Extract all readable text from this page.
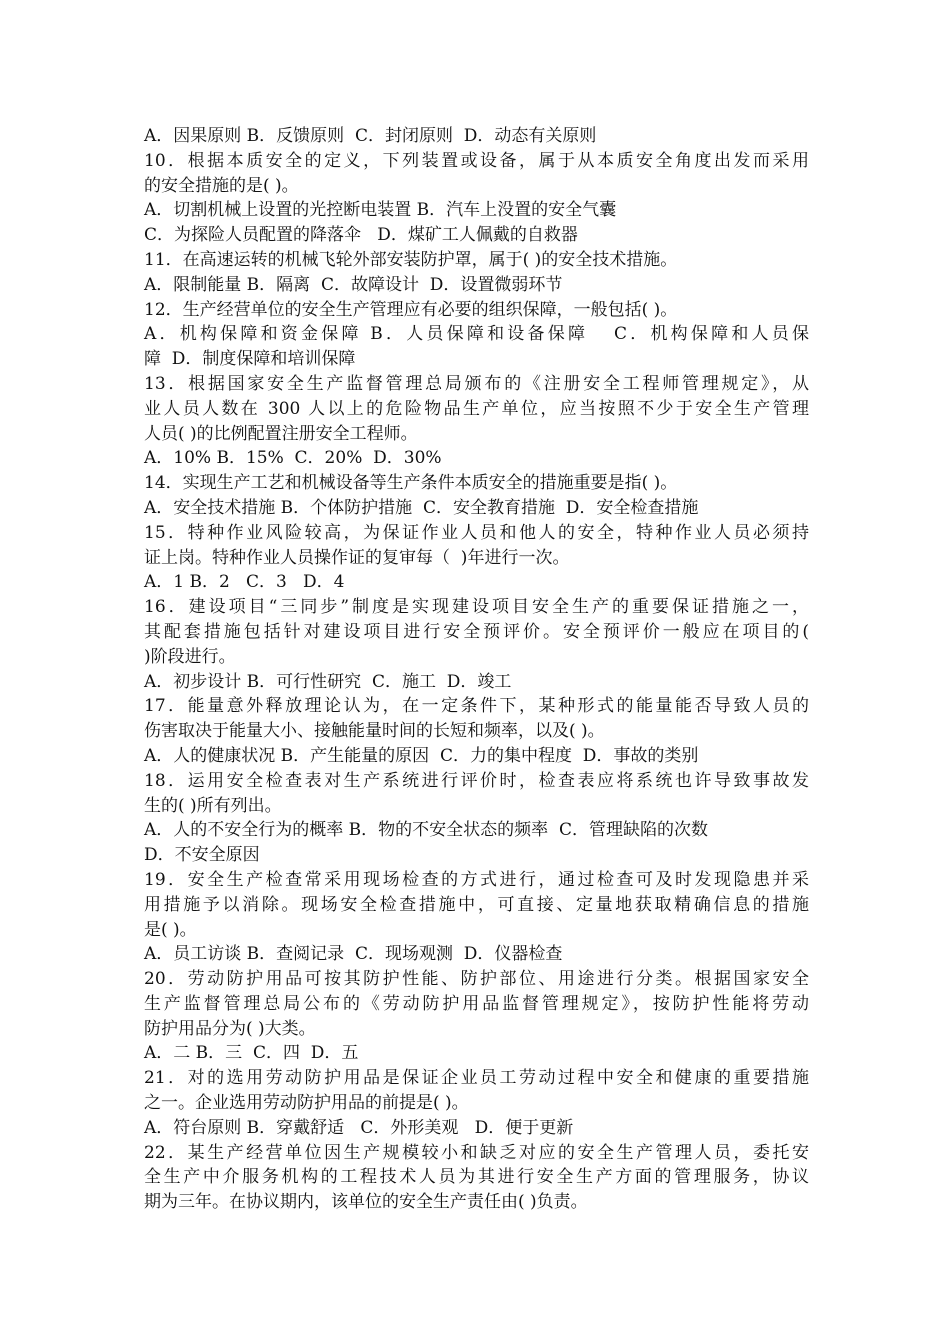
A．因果原则 B．反馈原则  C．封闭原则  D．动态有关原则
10．根据本质安全的定义，下列装置或设备，属于从本质安全角度出发而采用
的安全措施的是( )。
A．切割机械上设置的光控断电装置 B．汽车上没置的安全气囊
C．为探险人员配置的降落伞   D．煤矿工人佩戴的自救器
11．在高速运转的机械飞轮外部安装防护罩，属于( )的安全技术措施。
A．限制能量 B．隔离  C．故障设计  D．设置微弱环节
12．生产经营单位的安全生产管理应有必要的组织保障，一般包括( )。
A．机构保障和资金保障 B．人员保障和设备保障   C．机构保障和人员保
障  D．制度保障和培训保障
13．根据国家安全生产监督管理总局颁布的《注册安全工程师管理规定》，从
业人员人数在 300 人以上的危险物品生产单位，应当按照不少于安全生产管理
人员( )的比例配置注册安全工程师。
A．10% B．15%  C．20%  D．30%
14．实现生产工艺和机械设备等生产条件本质安全的措施重要是指( )。
A．安全技术措施 B．个体防护措施  C．安全教育措施  D．安全检查措施
15．特种作业风险较高，为保证作业人员和他人的安全，特种作业人员必须持
证上岗。特种作业人员操作证的复审每（  )年进行一次。
A．1 B．2   C．3   D．4
16．建设项目“三同步”制度是实现建设项目安全生产的重要保证措施之一，
其配套措施包括针对建设项目进行安全预评价。安全预评价一般应在项目的(
)阶段进行。
A．初步设计 B．可行性研究  C．施工  D．竣工
17．能量意外释放理论认为，在一定条件下，某种形式的能量能否导致人员的
伤害取决于能量大小、接触能量时间的长短和频率，以及( )。
A．人的健康状况 B．产生能量的原因  C．力的集中程度  D．事故的类别
18．运用安全检查表对生产系统进行评价时，检查表应将系统也许导致事故发
生的( )所有列出。
A．人的不安全行为的概率 B．物的不安全状态的频率  C．管理缺陷的次数
D．不安全原因
19．安全生产检查常采用现场检查的方式进行，通过检查可及时发现隐患并采
用措施予以消除。现场安全检查措施中，可直接、定量地获取精确信息的措施
是( )。
A．员工访谈 B．查阅记录  C．现场观测  D．仪器检查
20．劳动防护用品可按其防护性能、防护部位、用途进行分类。根据国家安全
生产监督管理总局公布的《劳动防护用品监督管理规定》，按防护性能将劳动
防护用品分为( )大类。
A．二 B．三  C．四  D．五
21．对的选用劳动防护用品是保证企业员工劳动过程中安全和健康的重要措施
之一。企业选用劳动防护用品的前提是( )。
A．符台原则 B．穿戴舒适   C．外形美观   D．便于更新
22．某生产经营单位因生产规模较小和缺乏对应的安全生产管理人员，委托安
全生产中介服务机构的工程技术人员为其进行安全生产方面的管理服务，协议
期为三年。在协议期内，该单位的安全生产责任由( )负责。
